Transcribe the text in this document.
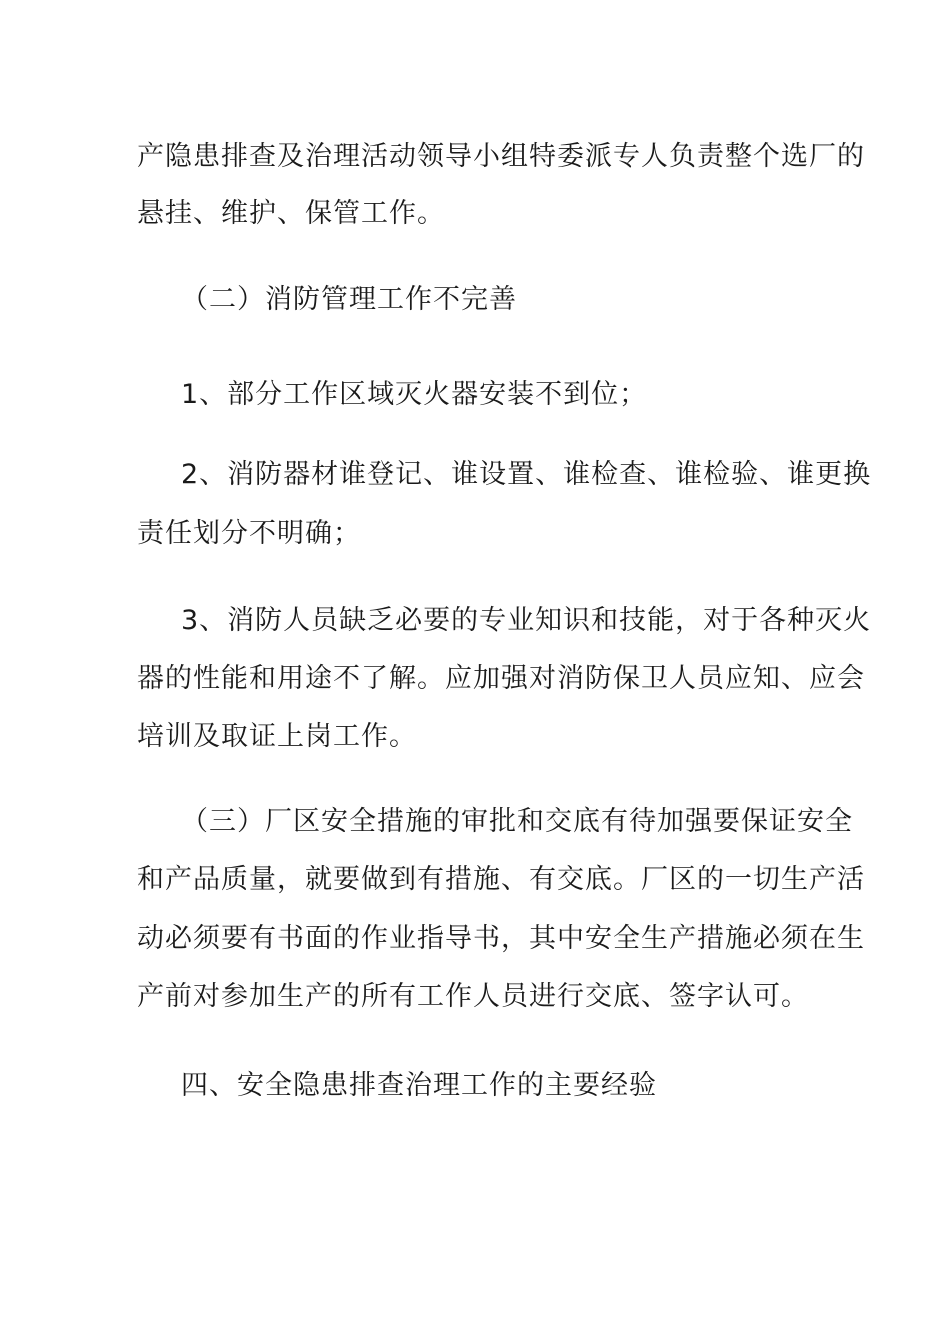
产隐患排查及治理活动领导小组特委派专人负责整个选厂的
悬挂、维护、保管工作。
（二）消防管理工作不完善
1、部分工作区域灭火器安装不到位；
2、消防器材谁登记、谁设置、谁检查、谁检验、谁更换
责任划分不明确；
3、消防人员缺乏必要的专业知识和技能，对于各种灭火
器的性能和用途不了解。应加强对消防保卫人员应知、应会
培训及取证上岗工作。
（三）厂区安全措施的审批和交底有待加强要保证安全
和产品质量，就要做到有措施、有交底。厂区的一切生产活
动必须要有书面的作业指导书，其中安全生产措施必须在生
产前对参加生产的所有工作人员进行交底、签字认可。
四、安全隐患排查治理工作的主要经验
